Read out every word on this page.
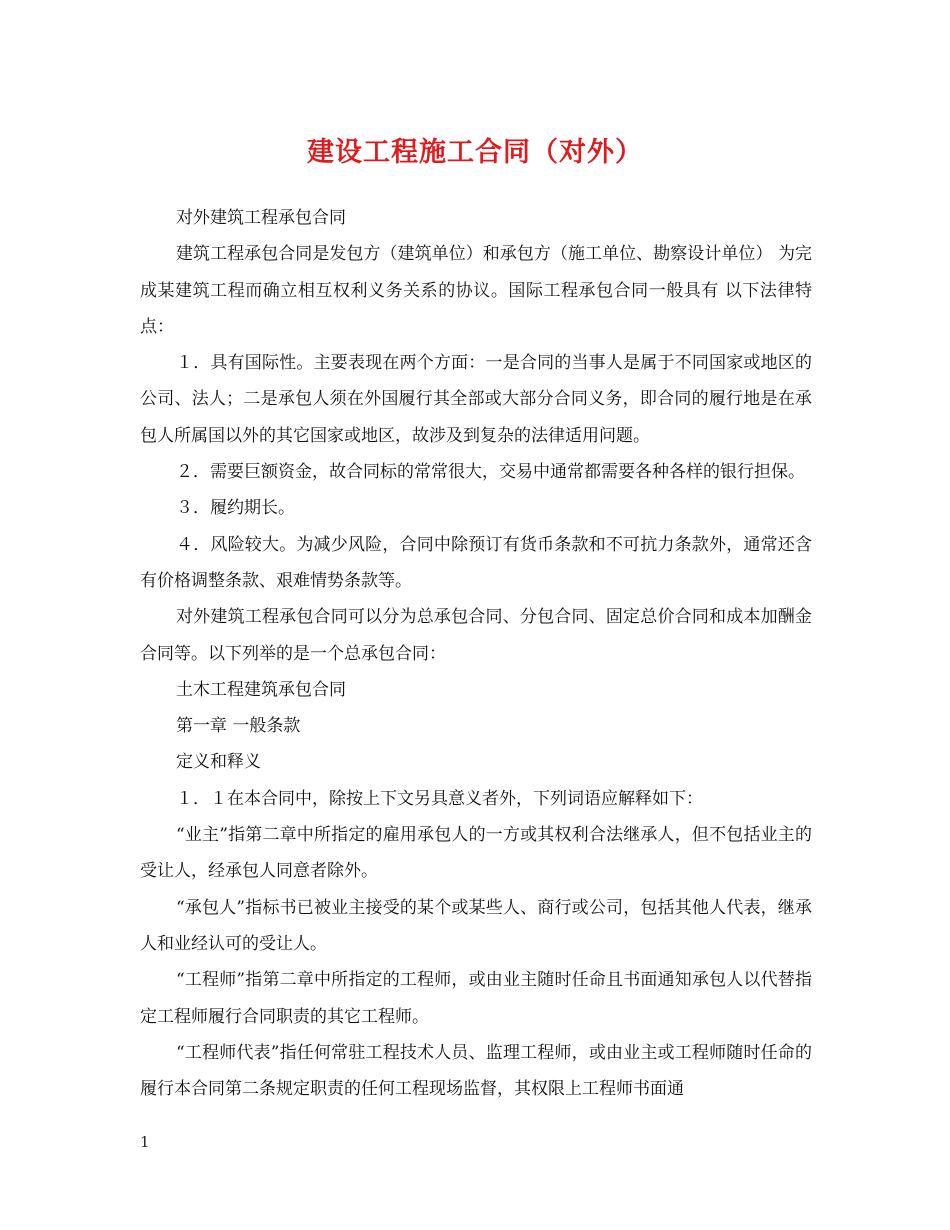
建设工程施工合同（对外）

对外建筑工程承包合同

建筑工程承包合同是发包方（建筑单位）和承包方（施工单位、勘察设计单位） 为完成某建筑工程而确立相互权利义务关系的协议。国际工程承包合同一般具有 以下法律特点：

１．具有国际性。主要表现在两个方面：一是合同的当事人是属于不同国家或地区的公司、法人；二是承包人须在外国履行其全部或大部分合同义务，即合同的履行地是在承包人所属国以外的其它国家或地区，故涉及到复杂的法律适用问题。

２．需要巨额资金，故合同标的常常很大，交易中通常都需要各种各样的银行担保。

３．履约期长。

４．风险较大。为减少风险，合同中除预订有货币条款和不可抗力条款外，通常还含有价格调整条款、艰难情势条款等。

对外建筑工程承包合同可以分为总承包合同、分包合同、固定总价合同和成本加酬金合同等。以下列举的是一个总承包合同：

土木工程建筑承包合同

第一章 一般条款

定义和释义

１．１在本合同中，除按上下文另具意义者外，下列词语应解释如下：

“业主”指第二章中所指定的雇用承包人的一方或其权利合法继承人，但不包括业主的受让人，经承包人同意者除外。

“承包人”指标书已被业主接受的某个或某些人、商行或公司，包括其他人代表，继承人和业经认可的受让人。

“工程师”指第二章中所指定的工程师，或由业主随时任命且书面通知承包人以代替指定工程师履行合同职责的其它工程师。

“工程师代表”指任何常驻工程技术人员、监理工程师，或由业主或工程师随时任命的履行本合同第二条规定职责的任何工程现场监督，其权限上工程师书面通

1
